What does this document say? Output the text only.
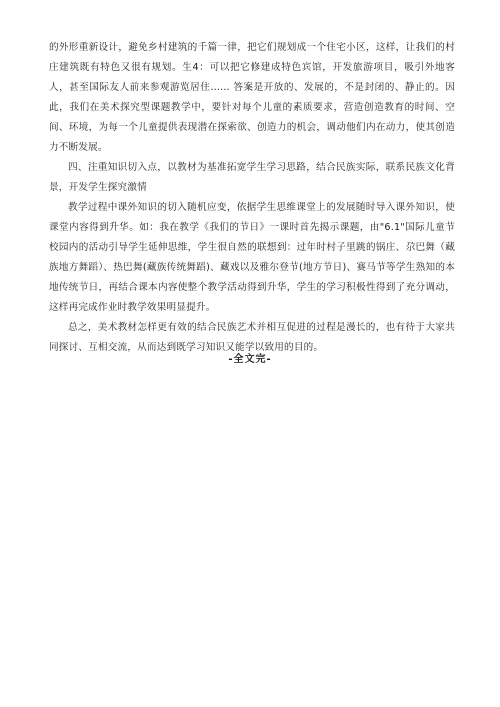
的外形重新设计，避免乡村建筑的千篇一律，把它们规划成一个住宅小区，这样，让我们的村庄建筑既有特色又很有规划。生4：可以把它修建成特色宾馆，开发旅游项目，吸引外地客人，甚至国际友人前来参观游览居住…… 答案是开放的、发展的，不是封闭的、静止的。因此，我们在美术探究型课题教学中，要针对每个儿童的素质要求，营造创造教育的时间、空间、环境，为每一个儿童提供表现潜在探索欲、创造力的机会，调动他们内在动力，使其创造力不断发展。

四、注重知识切入点，以教材为基准拓宽学生学习思路，结合民族实际，联系民族文化背景，开发学生探究激情

教学过程中课外知识的切入随机应变，依据学生思维课堂上的发展随时导入课外知识，使课堂内容得到升华。如：我在教学《我们的节日》一课时首先揭示课题，由"6.1"国际儿童节校园内的活动引导学生延伸思维，学生很自然的联想到：过年时村子里跳的锅庄、尕巴舞（藏族地方舞蹈）、热巴舞(藏族传统舞蹈)、藏戏以及雅尔登节(地方节日)、赛马节等学生熟知的本地传统节日，再结合课本内容使整个教学活动得到升华，学生的学习积极性得到了充分调动，这样再完成作业时教学效果明显提升。

总之，美术教材怎样更有效的结合民族艺术并相互促进的过程是漫长的，也有待于大家共同探讨、互相交流，从而达到既学习知识又能学以致用的目的。

-全文完-
